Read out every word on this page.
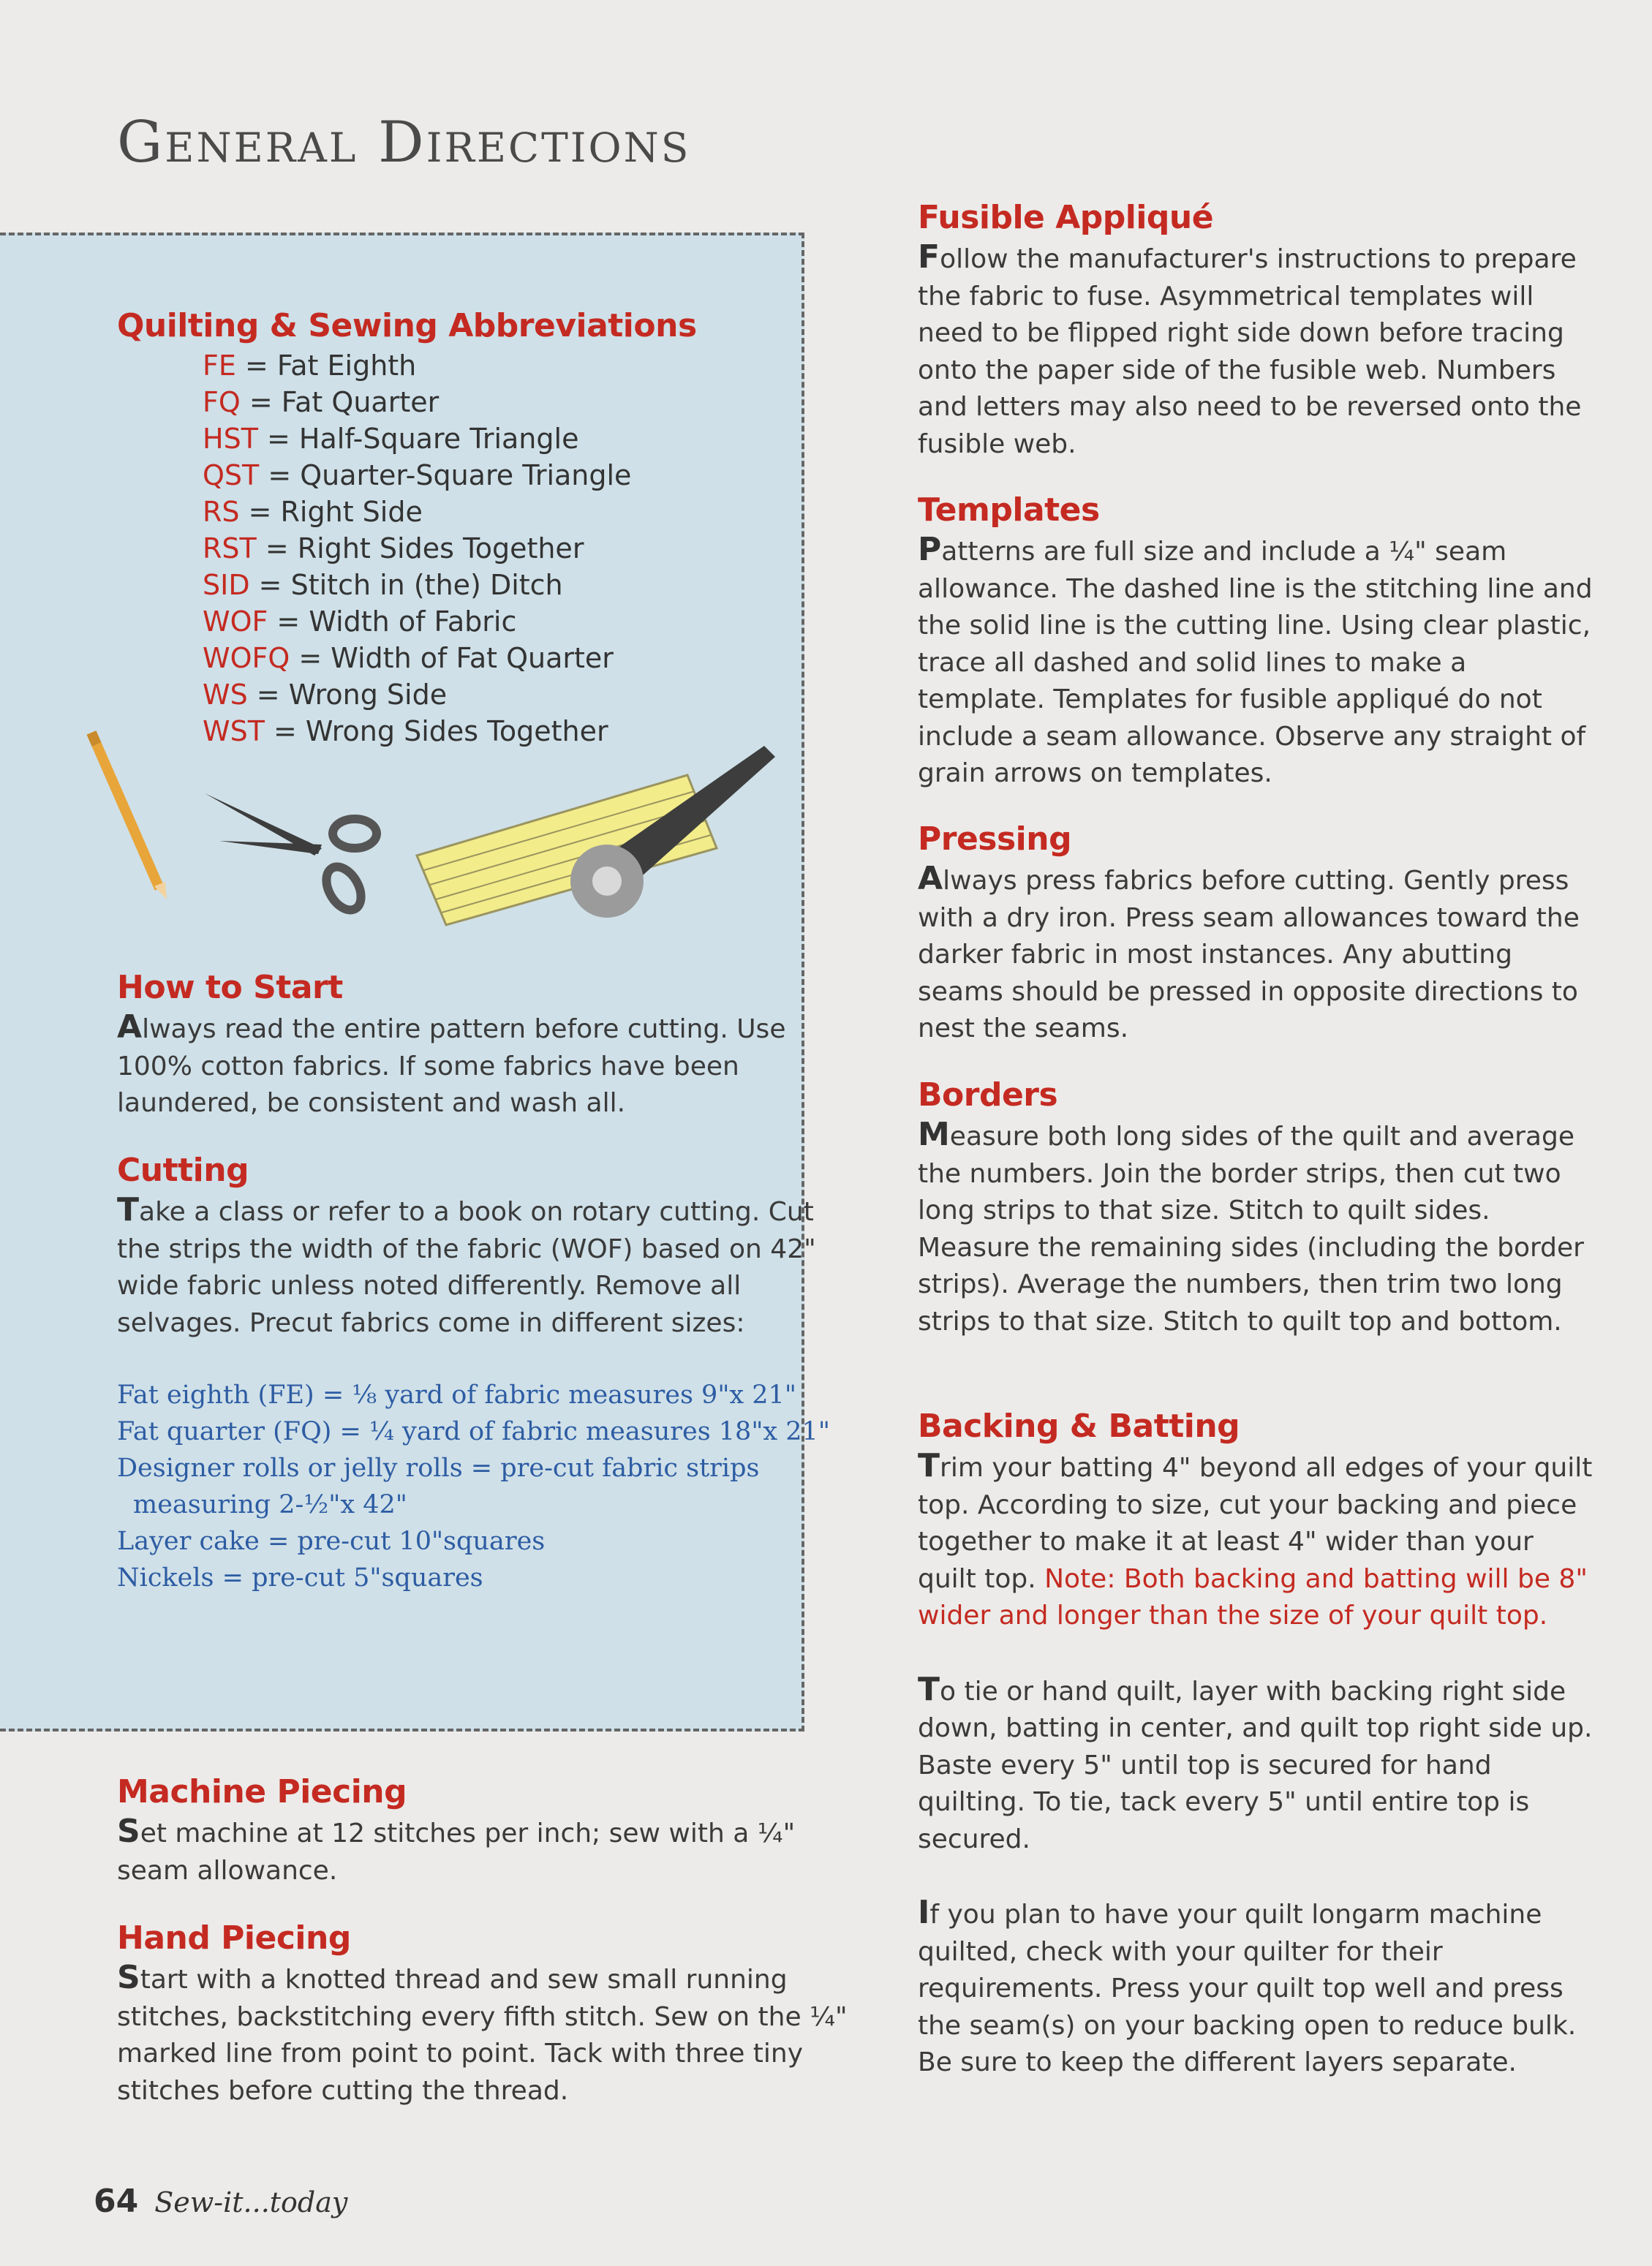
General Directions
Quilting & Sewing Abbreviations
FE = Fat Eighth
FQ = Fat Quarter
HST = Half-Square Triangle
QST = Quarter-Square Triangle
RS = Right Side
RST = Right Sides Together
SID = Stitch in (the) Ditch
WOF = Width of Fabric
WOFQ = Width of Fat Quarter
WS = Wrong Side
WST = Wrong Sides Together
How to Start

Always read the entire pattern before cutting. Use 100% cotton fabrics. If some fabrics have been laundered, be consistent and wash all.

Cutting

Take a class or refer to a book on rotary cutting. Cut the strips the width of the fabric (WOF) based on 42" wide fabric unless noted differently. Remove all selvages. Precut fabrics come in different sizes:

Fat eighth (FE) = ⅛ yard of fabric measures 9"x 21"
Fat quarter (FQ) = ¼ yard of fabric measures 18"x 21"
Designer rolls or jelly rolls = pre-cut fabric strips
measuring 2-½"x 42"
Layer cake = pre-cut 10"squares
Nickels = pre-cut 5"squares
Machine Piecing

Set machine at 12 stitches per inch; sew with a ¼" seam allowance.

Hand Piecing

Start with a knotted thread and sew small running stitches, backstitching every fifth stitch. Sew on the ¼" marked line from point to point. Tack with three tiny stitches before cutting the thread.

Fusible Appliqué

Follow the manufacturer's instructions to prepare the fabric to fuse. Asymmetrical templates will need to be flipped right side down before tracing onto the paper side of the fusible web. Numbers and letters may also need to be reversed onto the fusible web.

Templates

Patterns are full size and include a ¼" seam allowance. The dashed line is the stitching line and the solid line is the cutting line. Using clear plastic, trace all dashed and solid lines to make a template. Templates for fusible appliqué do not include a seam allowance. Observe any straight of grain arrows on templates.

Pressing

Always press fabrics before cutting. Gently press with a dry iron. Press seam allowances toward the darker fabric in most instances. Any abutting seams should be pressed in opposite directions to nest the seams.

Borders

Measure both long sides of the quilt and average the numbers. Join the border strips, then cut two long strips to that size. Stitch to quilt sides. Measure the remaining sides (including the border strips). Average the numbers, then trim two long strips to that size. Stitch to quilt top and bottom.

Backing & Batting

Trim your batting 4" beyond all edges of your quilt top. According to size, cut your backing and piece together to make it at least 4" wider than your quilt top. Note: Both backing and batting will be 8" wider and longer than the size of your quilt top.

To tie or hand quilt, layer with backing right side down, batting in center, and quilt top right side up. Baste every 5" until top is secured for hand quilting. To tie, tack every 5" until entire top is secured.

If you plan to have your quilt longarm machine quilted, check with your quilter for their requirements. Press your quilt top well and press the seam(s) on your backing open to reduce bulk. Be sure to keep the different layers separate.

64 Sew-it...today
